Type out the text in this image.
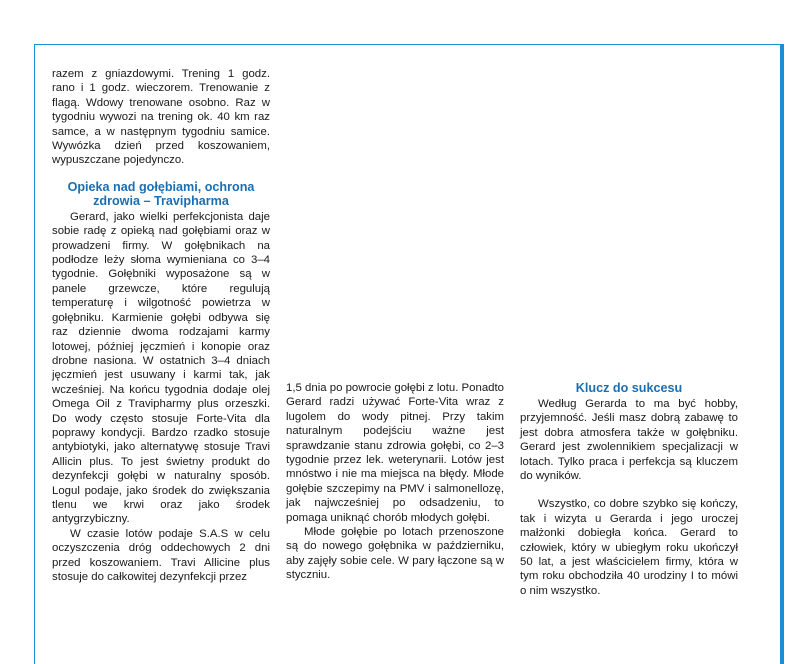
razem z gniazdowymi. Trening 1 godz. rano i 1 godz. wieczorem. Trenowanie z flagą. Wdowy trenowane osobno. Raz w tygodniu wywozi na trening ok. 40 km raz samce, a w następnym tygodniu samice. Wywózka dzień przed koszowaniem, wypuszczane pojedynczo.

Opieka nad gołębiami, ochrona zdrowia – Travipharma

Gerard, jako wielki perfekcjonista daje sobie radę z opieką nad gołębiami oraz w prowadzeni firmy. W gołębnikach na podłodze leży słoma wymieniana co 3–4 tygodnie. Gołębniki wyposażone są w panele grzewcze, które regulują temperaturę i wilgotność powietrza w gołębniku. Karmienie gołębi odbywa się raz dziennie dwoma rodzajami karmy lotowej, później jęczmień i konopie oraz drobne nasiona. W ostatnich 3–4 dniach jęczmień jest usuwany i karmi tak, jak wcześniej. Na końcu tygodnia dodaje olej Omega Oil z Travipharmy plus orzeszki. Do wody często stosuje Forte-Vita dla poprawy kondycji. Bardzo rzadko stosuje antybiotyki, jako alternatywę stosuje Travi Allicin plus. To jest świetny produkt do dezynfekcji gołębi w naturalny sposób. Logul podaje, jako środek do zwiększania tlenu we krwi oraz jako środek antygrzybiczny.

W czasie lotów podaje S.A.S w celu oczyszczenia dróg oddechowych 2 dni przed koszowaniem. Travi Allicine plus stosuje do całkowitej dezynfekcji przez

1,5 dnia po powrocie gołębi z lotu. Ponadto Gerard radzi używać Forte-Vita wraz z lugolem do wody pitnej. Przy takim naturalnym podejściu ważne jest sprawdzanie stanu zdrowia gołębi, co 2–3 tygodnie przez lek. weterynarii. Lotów jest mnóstwo i nie ma miejsca na błędy. Młode gołębie szczepimy na PMV i salmonellozę, jak najwcześniej po odsadzeniu, to pomaga uniknąć chorób młodych gołębi.

Młode gołębie po lotach przenoszone są do nowego gołębnika w październiku, aby zajęły sobie cele. W pary łączone są w styczniu.

Klucz do sukcesu

Według Gerarda to ma być hobby, przyjemność. Jeśli masz dobrą zabawę to jest dobra atmosfera także w gołębniku. Gerard jest zwolennikiem specjalizacji w lotach. Tylko praca i perfekcja są kluczem do wyników.

Wszystko, co dobre szybko się kończy, tak i wizyta u Gerarda i jego uroczej małżonki dobiegła końca. Gerard to człowiek, który w ubiegłym roku ukończył 50 lat, a jest właścicielem firmy, która w tym roku obchodziła 40 urodziny I to mówi o nim wszystko.
